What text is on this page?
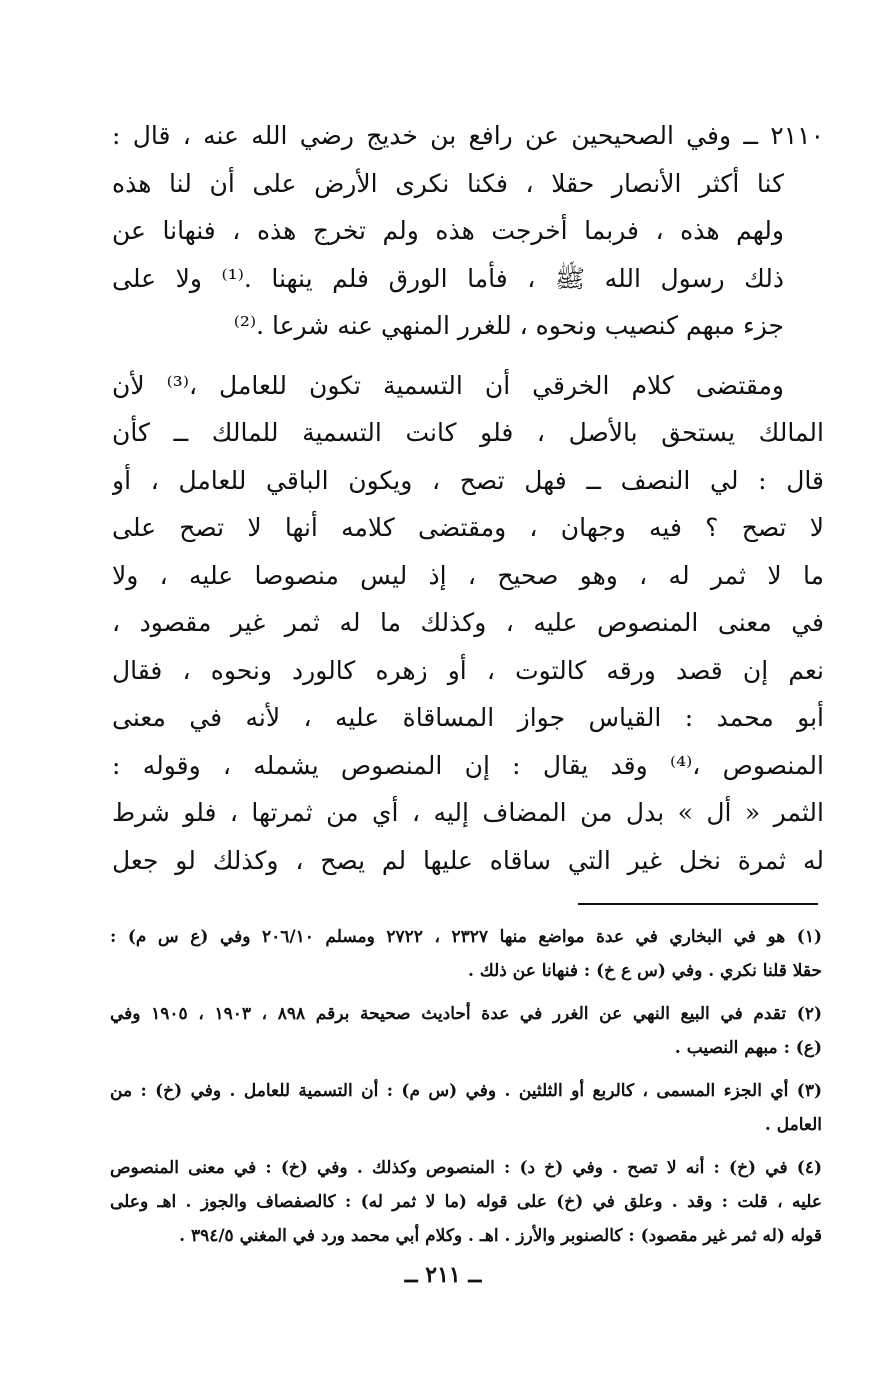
٢١١٠ ــ وفي الصحيحين عن رافع بن خديج رضي الله عنه ، قال :
كنا أكثر الأنصار حقلا ، فكنا نكرى الأرض على أن لنا هذه
ولهم هذه ، فربما أخرجت هذه ولم تخرج هذه ، فنهانا عن
ذلك رسول الله ﷺ ، فأما الورق فلم ينهنا .⁽¹⁾ ولا على
جزء مبهم كنصيب ونحوه ، للغرر المنهي عنه شرعا .⁽²⁾
ومقتضى كلام الخرقي أن التسمية تكون للعامل ،⁽³⁾ لأن
المالك يستحق بالأصل ، فلو كانت التسمية للمالك ــ كأن
قال : لي النصف ــ فهل تصح ، ويكون الباقي للعامل ، أو
لا تصح ؟ فيه وجهان ، ومقتضى كلامه أنها لا تصح على
ما لا ثمر له ، وهو صحيح ، إذ ليس منصوصا عليه ، ولا
في معنى المنصوص عليه ، وكذلك ما له ثمر غير مقصود ،
نعم إن قصد ورقه كالتوت ، أو زهره كالورد ونحوه ، فقال
أبو محمد : القياس جواز المساقاة عليه ، لأنه في معنى
المنصوص ،⁽⁴⁾ وقد يقال : إن المنصوص يشمله ، وقوله :
الثمر « أل » بدل من المضاف إليه ، أي من ثمرتها ، فلو شرط
له ثمرة نخل غير التي ساقاه عليها لم يصح ، وكذلك لو جعل
(١) هو في البخاري في عدة مواضع منها ٢٣٢٧ ، ٢٧٢٢ ومسلم ٢٠٦/١٠ وفي (ع س م) :
حقلا قلنا نكري . وفي (س ع خ) : فنهانا عن ذلك .
(٢) تقدم في البيع النهي عن الغرر في عدة أحاديث صحيحة برقم ٨٩٨ ، ١٩٠٣ ، ١٩٠٥ وفي
(ع) : مبهم النصيب .
(٣) أي الجزء المسمى ، كالربع أو الثلثين . وفي (س م) : أن التسمية للعامل . وفي (خ) : من
العامل .
(٤) في (خ) : أنه لا تصح . وفي (خ د) : المنصوص وكذلك . وفي (خ) : في معنى المنصوص
عليه ، قلت : وقد . وعلق في (خ) على قوله (ما لا ثمر له) : كالصفصاف والجوز . اهـ وعلى
قوله (له ثمر غير مقصود) : كالصنوبر والأرز . اهـ . وكلام أبي محمد ورد في المغني ٣٩٤/٥ .
ــ ٢١١ ــ
